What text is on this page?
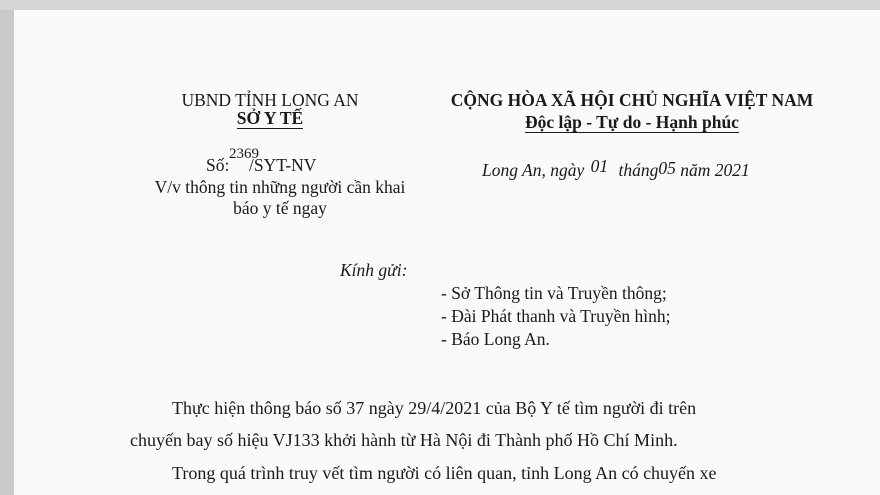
UBND TỈNH LONG AN
SỞ Y TẾ
2369
Số: /SYT-NV
V/v thông tin những người cần khai
báo y tế ngay
CỘNG HÒA XÃ HỘI CHỦ NGHĨA VIỆT NAM
Độc lập - Tự do - Hạnh phúc
Long An, ngày 01 tháng05 năm 2021
Kính gửi:
- Sở Thông tin và Truyền thông;
- Đài Phát thanh và Truyền hình;
- Báo Long An.
Thực hiện thông báo số 37 ngày 29/4/2021 của Bộ Y tế tìm người đi trên
chuyến bay số hiệu VJ133 khởi hành từ Hà Nội đi Thành phố Hồ Chí Minh.
Trong quá trình truy vết tìm người có liên quan, tỉnh Long An có chuyến xe
